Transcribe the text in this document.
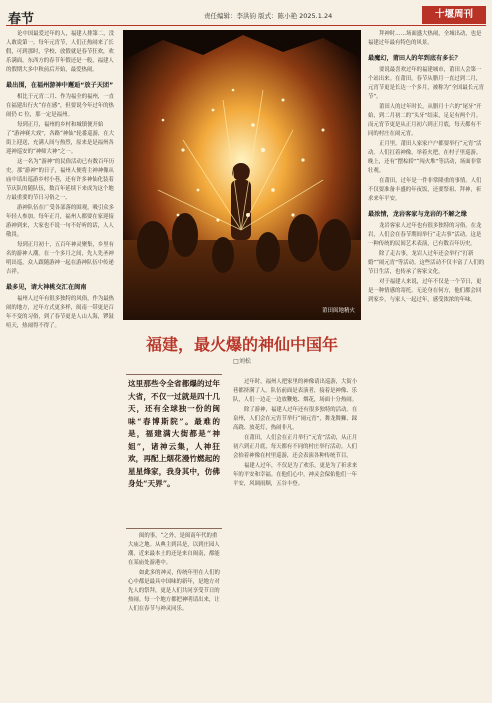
春节	责任编辑：李洪钧 版式：陈小艳 2025.1.24	十堰周刊
论中国最爱过年的人，福建人排第二，没人敢说第一。每年元宵节，人们正热闹来了长假，可到那时，学校、放假就是春节狂欢，欢乐满面。东西方的春节年假还是一般，福建人的假期大多中秋前后开始，最爱热闹。
最出围，在福州游神中邂逅“放子天团”
相比于元宵二月、作为福全的福州，一直在福建出行火“存在感”，但要说今年过年的热闹仍 C 位，那一定是福州。
每到正月，福州的乡村和城镇便开始了“游神赛大戏”，各路“神仙”轮番巡游，在大街上迎送，充满人间与热烈，原来是是福州各迎神巡安的“神师大神”之一。
这一名为“游神”的民俗活动已有数百年历史。那“游神”的日子，福州人便将主神神像从庙中请出巡游乡村小巷，还有许多神仙化装着节庆队的随队伍，数百年延续下来成为这个地方最重要的节日习俗之一。
游神队伍在广受各部落的围观，吸引众多年轻人参加。每年正月，福州人都要在家迎接游神到来，大家也不说一句不好听的话，人人敬畏。
每到正月初十，五百年神灵聚集，乡里有名的游神人潮。在一个多月之间，先人先圣神明出巡，众人跟随游神一起在游神队伍中传递吉祥。
最多见，请大神桃交汇在闽南
福州人过年有很多独特的风俗，作为最热闹的地方，过年方式更多样，闽南一带更是百年不变的习俗，到了春节更是人山人海，锣鼓喧天，热闹得不得了。
莆田闽地精火
福建，最火爆的神仙中国年
□刘松
这里那些令全省都爆的过年大省，不仅一过就是四十几天，还有全球独一份的闽味“春博斯院”。最难的是，福建满大街都是“神姐”，诸神云集，人神狂欢，再配上烟花漫竹燃起的星星烽家，我身其中，仿佛身处“天界”。
闽的事，“之外，是闽南年代的重大庙之地。从典主到昌是，以到庄园人潮，近来最本土的还是来自闽南，都能在某庙处游港中。
如此多的神灵，传统年里在人们的心中都是最具中国味的新年，是地方对先人的祭拜，更是人们共同享受节日的热闹。每一个地方都把神明请出来，让人们在春节与神灵同乐。
过年时，福州人把家里的神像请出巡游，大街小巷都挤满了人。队伍前面是表演者，接着是神像、乐队，人们一边走一边放鞭炮、烟花，场面十分热闹。
除了游神，福建人过年还有很多独特的活动。在泉州，人们会在元宵节举行“闹元宵”，舞龙舞狮、踩高跷、放花灯，热闹非凡。
在莆田，人们会在正月举行“元宵”活动，从正月初六到正月底，每天都有不同的村庄举行活动。人们会抬着神像在村里巡游，还会表演各种传统节目。
福建人过年，不仅是为了欢乐，更是为了祈求来年的平安和幸福。在他们心中，神灵会保佑他们一年平安，风调雨顺，五谷丰登。
拜神时……场面盛大热闹，全城出动，也是福建过年最有特色的风景。
最魔幻，莆田人的年到底有多长？
要说最喜欢过年的福建城市，莆田人会第一个站出来。在莆田，春节从腊月一直过到二月，元宵节更是长达一个多月，被称为“全国最长元宵节”。
莆田人的过年时长，从腊月十六的“尾牙”开始，到二月初二的“头牙”结束，足足有两个月。而元宵节更是从正月初六到正月底，每天都有不同的村庄在闹元宵。
正月里，莆田人家家户户都要举行“元宵”活动。人们扛着神像，举着火把，在村子里巡游。晚上，还有“摆棕轿”“闯火堆”等活动，场面非常壮观。
在莆田，过年是一件非常隆重的事情。人们不仅要准备丰盛的年夜饭，还要祭祖、拜神，祈求来年平安。
最浓情，龙岩客家与龙岩的不解之缘
龙岩客家人过年也有很多独特的习俗。在龙岩，人们会在春节期间举行“走古事”活动，这是一种传统的民间艺术表演，已有数百年历史。
除了走古事，龙岩人过年还会举行“打新婚”“闹元宵”等活动。这些活动不仅丰富了人们的节日生活，也传承了客家文化。
对于福建人来说，过年不仅是一个节日，更是一种情感的寄托。无论身在何方，他们都会回到家乡，与家人一起过年，感受浓浓的年味。
